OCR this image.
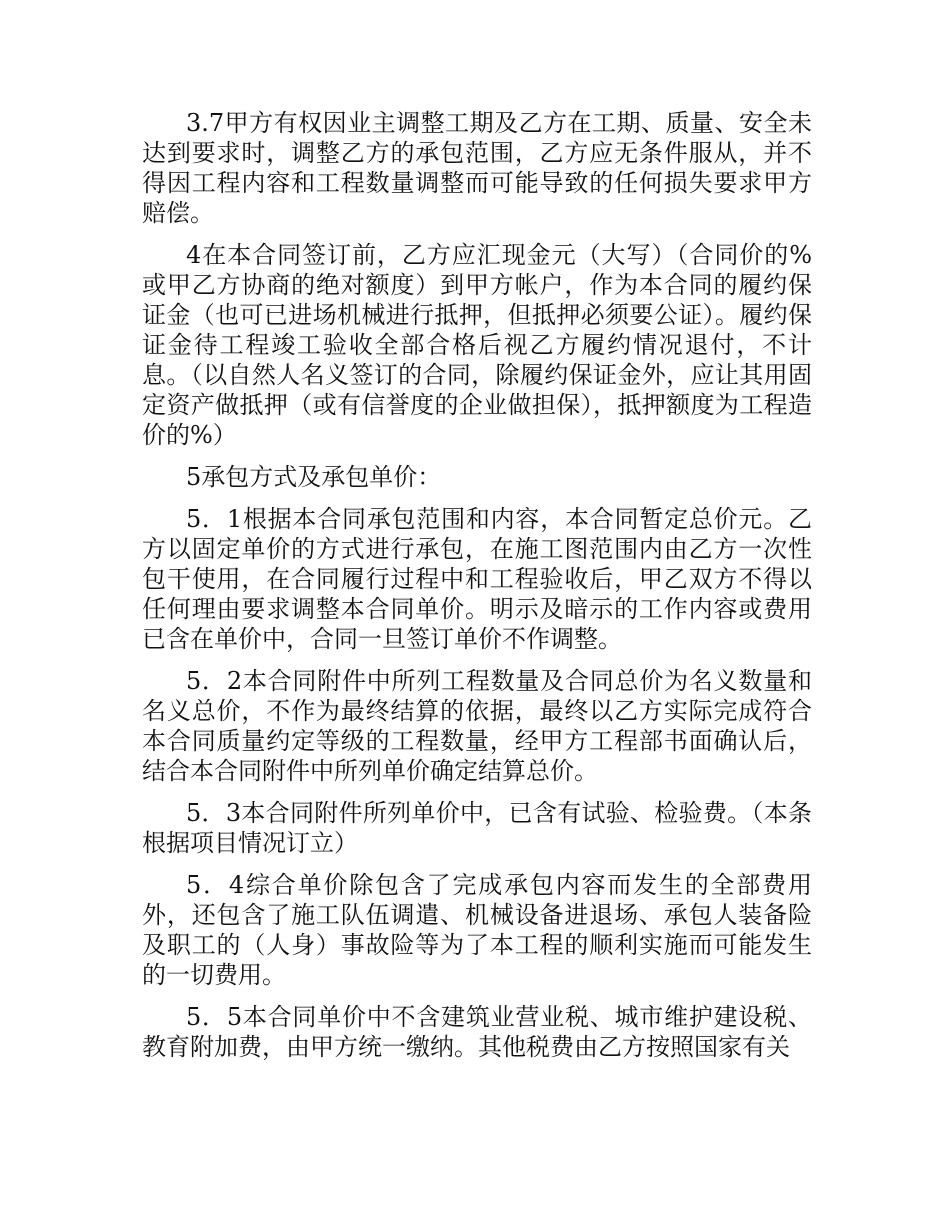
3.7甲方有权因业主调整工期及乙方在工期、质量、安全未达到要求时，调整乙方的承包范围，乙方应无条件服从，并不得因工程内容和工程数量调整而可能导致的任何损失要求甲方赔偿。

4在本合同签订前，乙方应汇现金元（大写）（合同价的%或甲乙方协商的绝对额度）到甲方帐户，作为本合同的履约保证金（也可已进场机械进行抵押，但抵押必须要公证）。履约保证金待工程竣工验收全部合格后视乙方履约情况退付，不计息。（以自然人名义签订的合同，除履约保证金外，应让其用固定资产做抵押（或有信誉度的企业做担保），抵押额度为工程造价的%）

5承包方式及承包单价：

5．1根据本合同承包范围和内容，本合同暂定总价元。乙方以固定单价的方式进行承包，在施工图范围内由乙方一次性包干使用，在合同履行过程中和工程验收后，甲乙双方不得以任何理由要求调整本合同单价。明示及暗示的工作内容或费用已含在单价中，合同一旦签订单价不作调整。

5．2本合同附件中所列工程数量及合同总价为名义数量和名义总价，不作为最终结算的依据，最终以乙方实际完成符合本合同质量约定等级的工程数量，经甲方工程部书面确认后，结合本合同附件中所列单价确定结算总价。

5．3本合同附件所列单价中，已含有试验、检验费。（本条根据项目情况订立）

5．4综合单价除包含了完成承包内容而发生的全部费用外，还包含了施工队伍调遣、机械设备进退场、承包人装备险及职工的（人身）事故险等为了本工程的顺利实施而可能发生的一切费用。

5．5本合同单价中不含建筑业营业税、城市维护建设税、教育附加费，由甲方统一缴纳。其他税费由乙方按照国家有关
